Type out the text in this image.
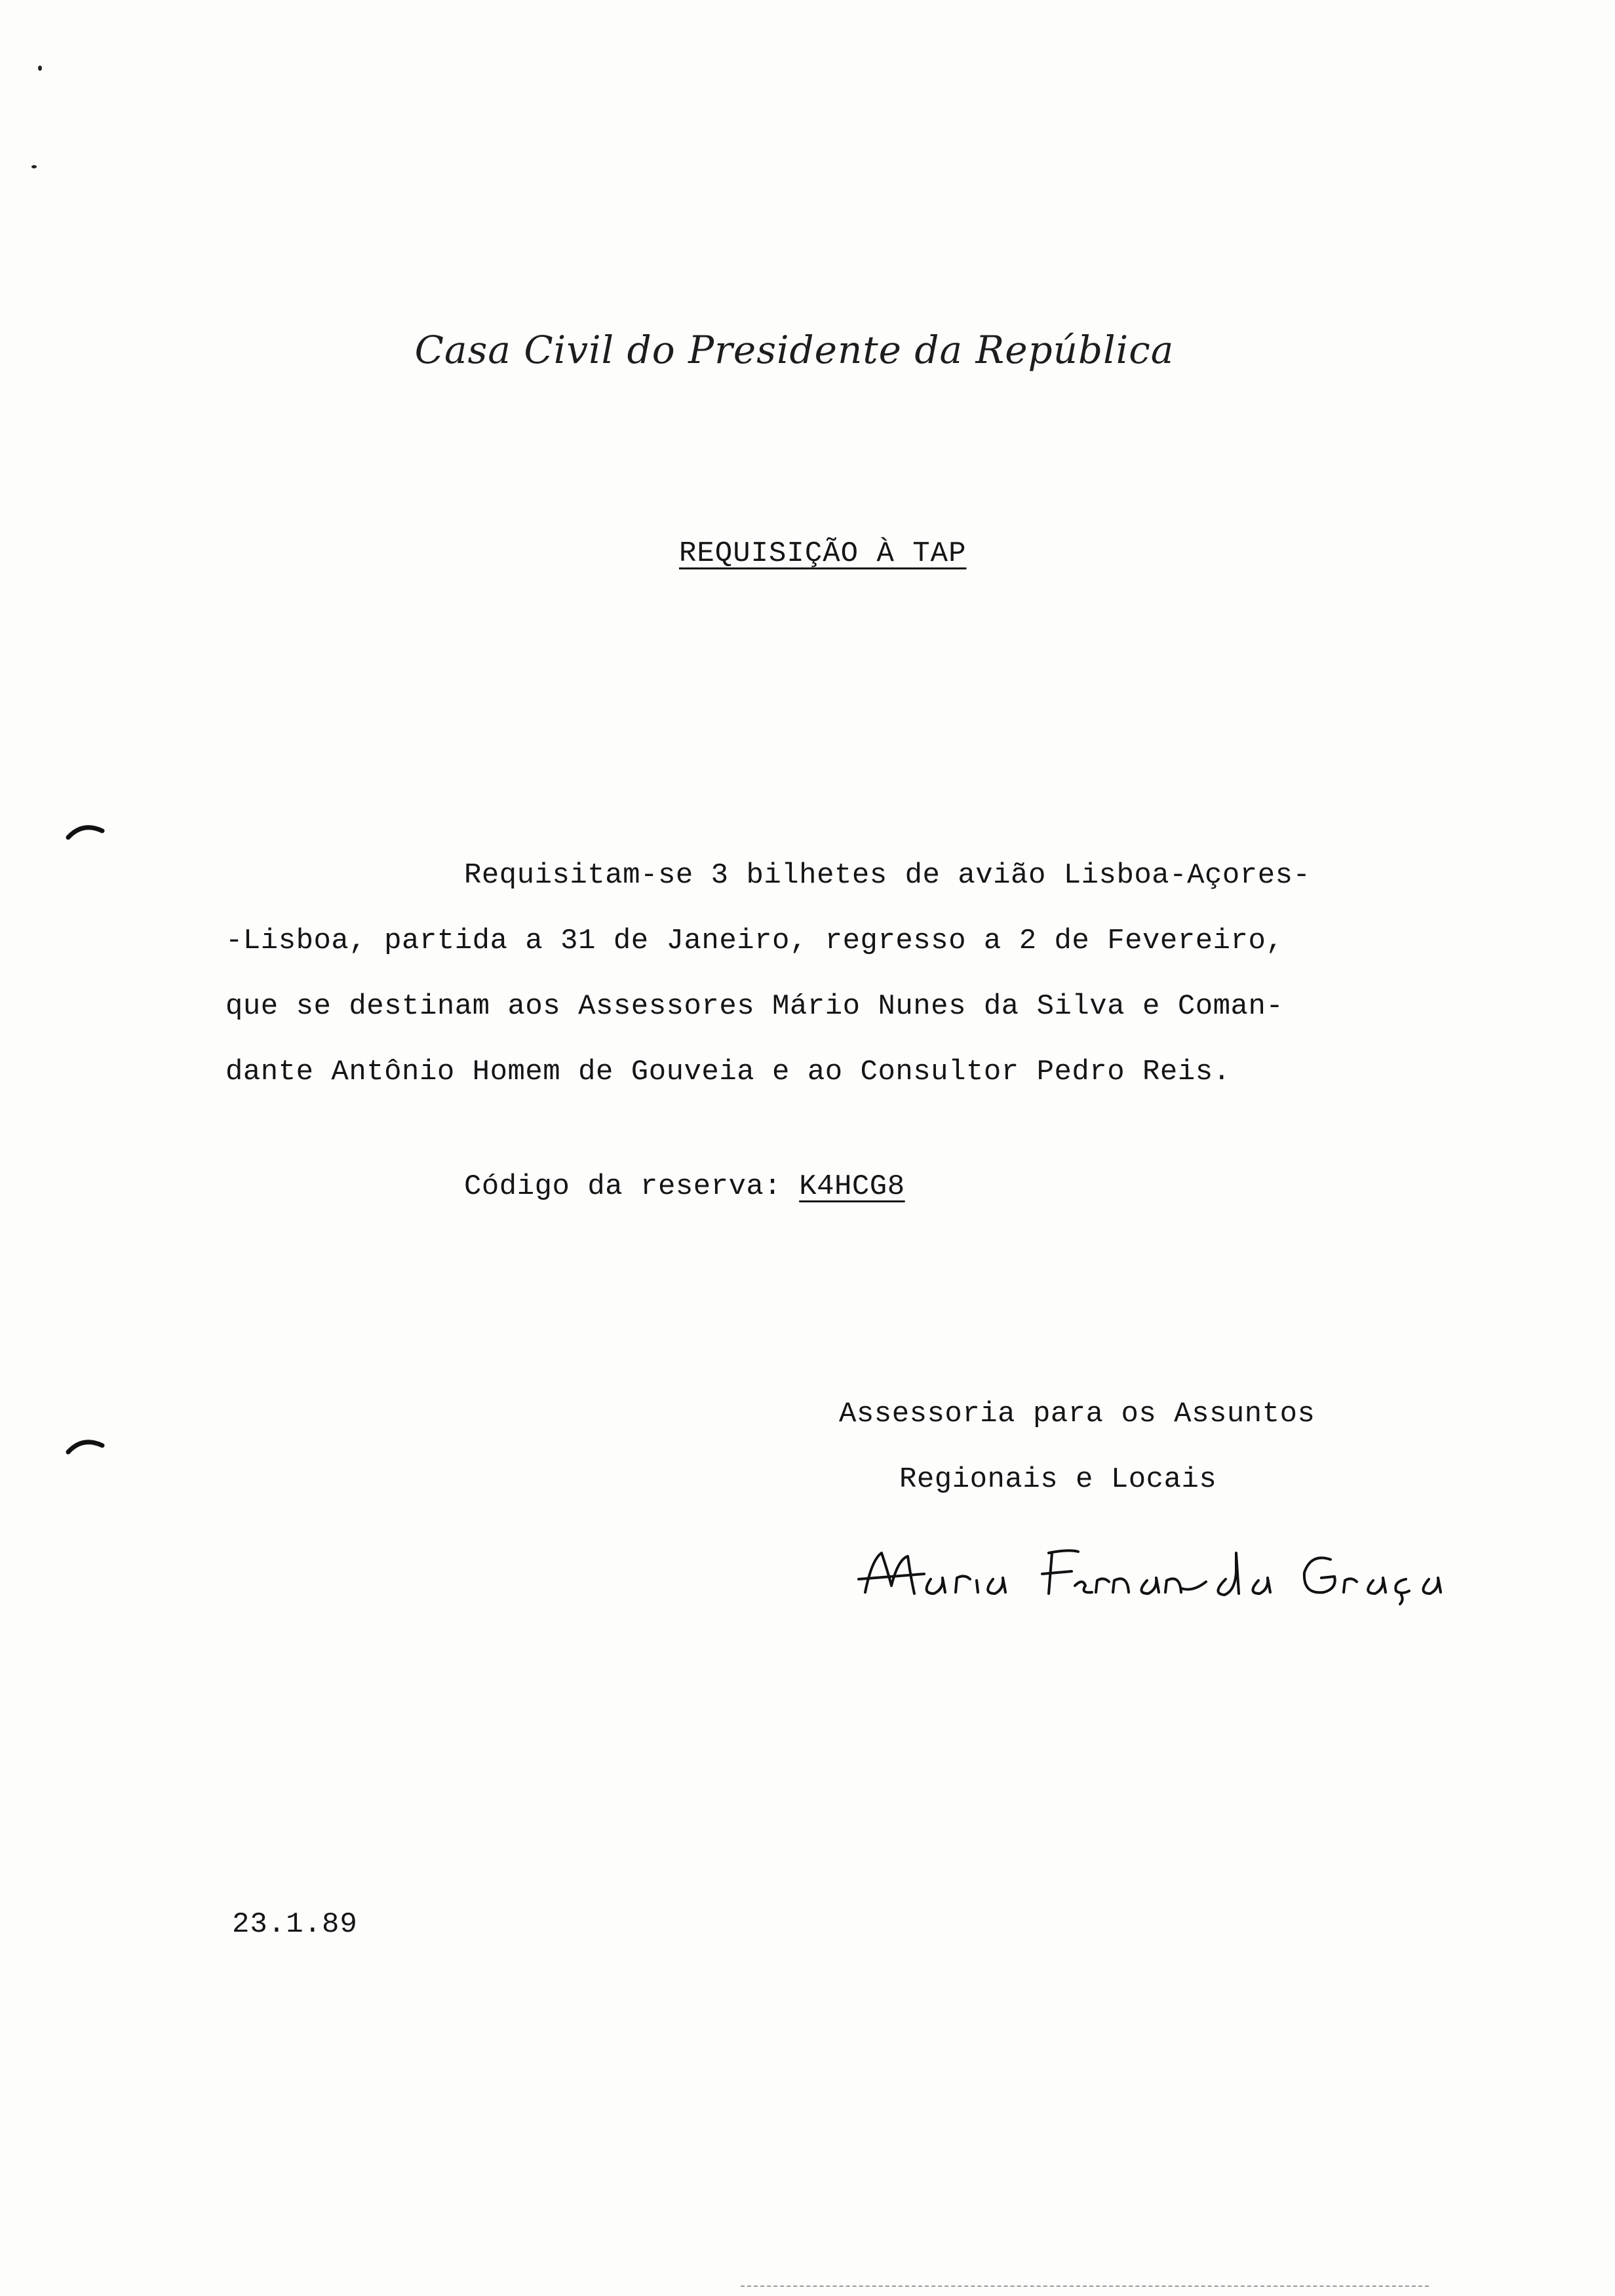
Casa Civil do Presidente da República
REQUISIÇÃO À TAP
Requisitam-se 3 bilhetes de avião Lisboa-Açores-
-Lisboa, partida a 31 de Janeiro, regresso a 2 de Fevereiro,
que se destinam aos Assessores Mário Nunes da Silva e Coman-
dante Antônio Homem de Gouveia e ao Consultor Pedro Reis.
Código da reserva: K4HCG8
Assessoria para os Assuntos
Regionais e Locais
23.1.89
